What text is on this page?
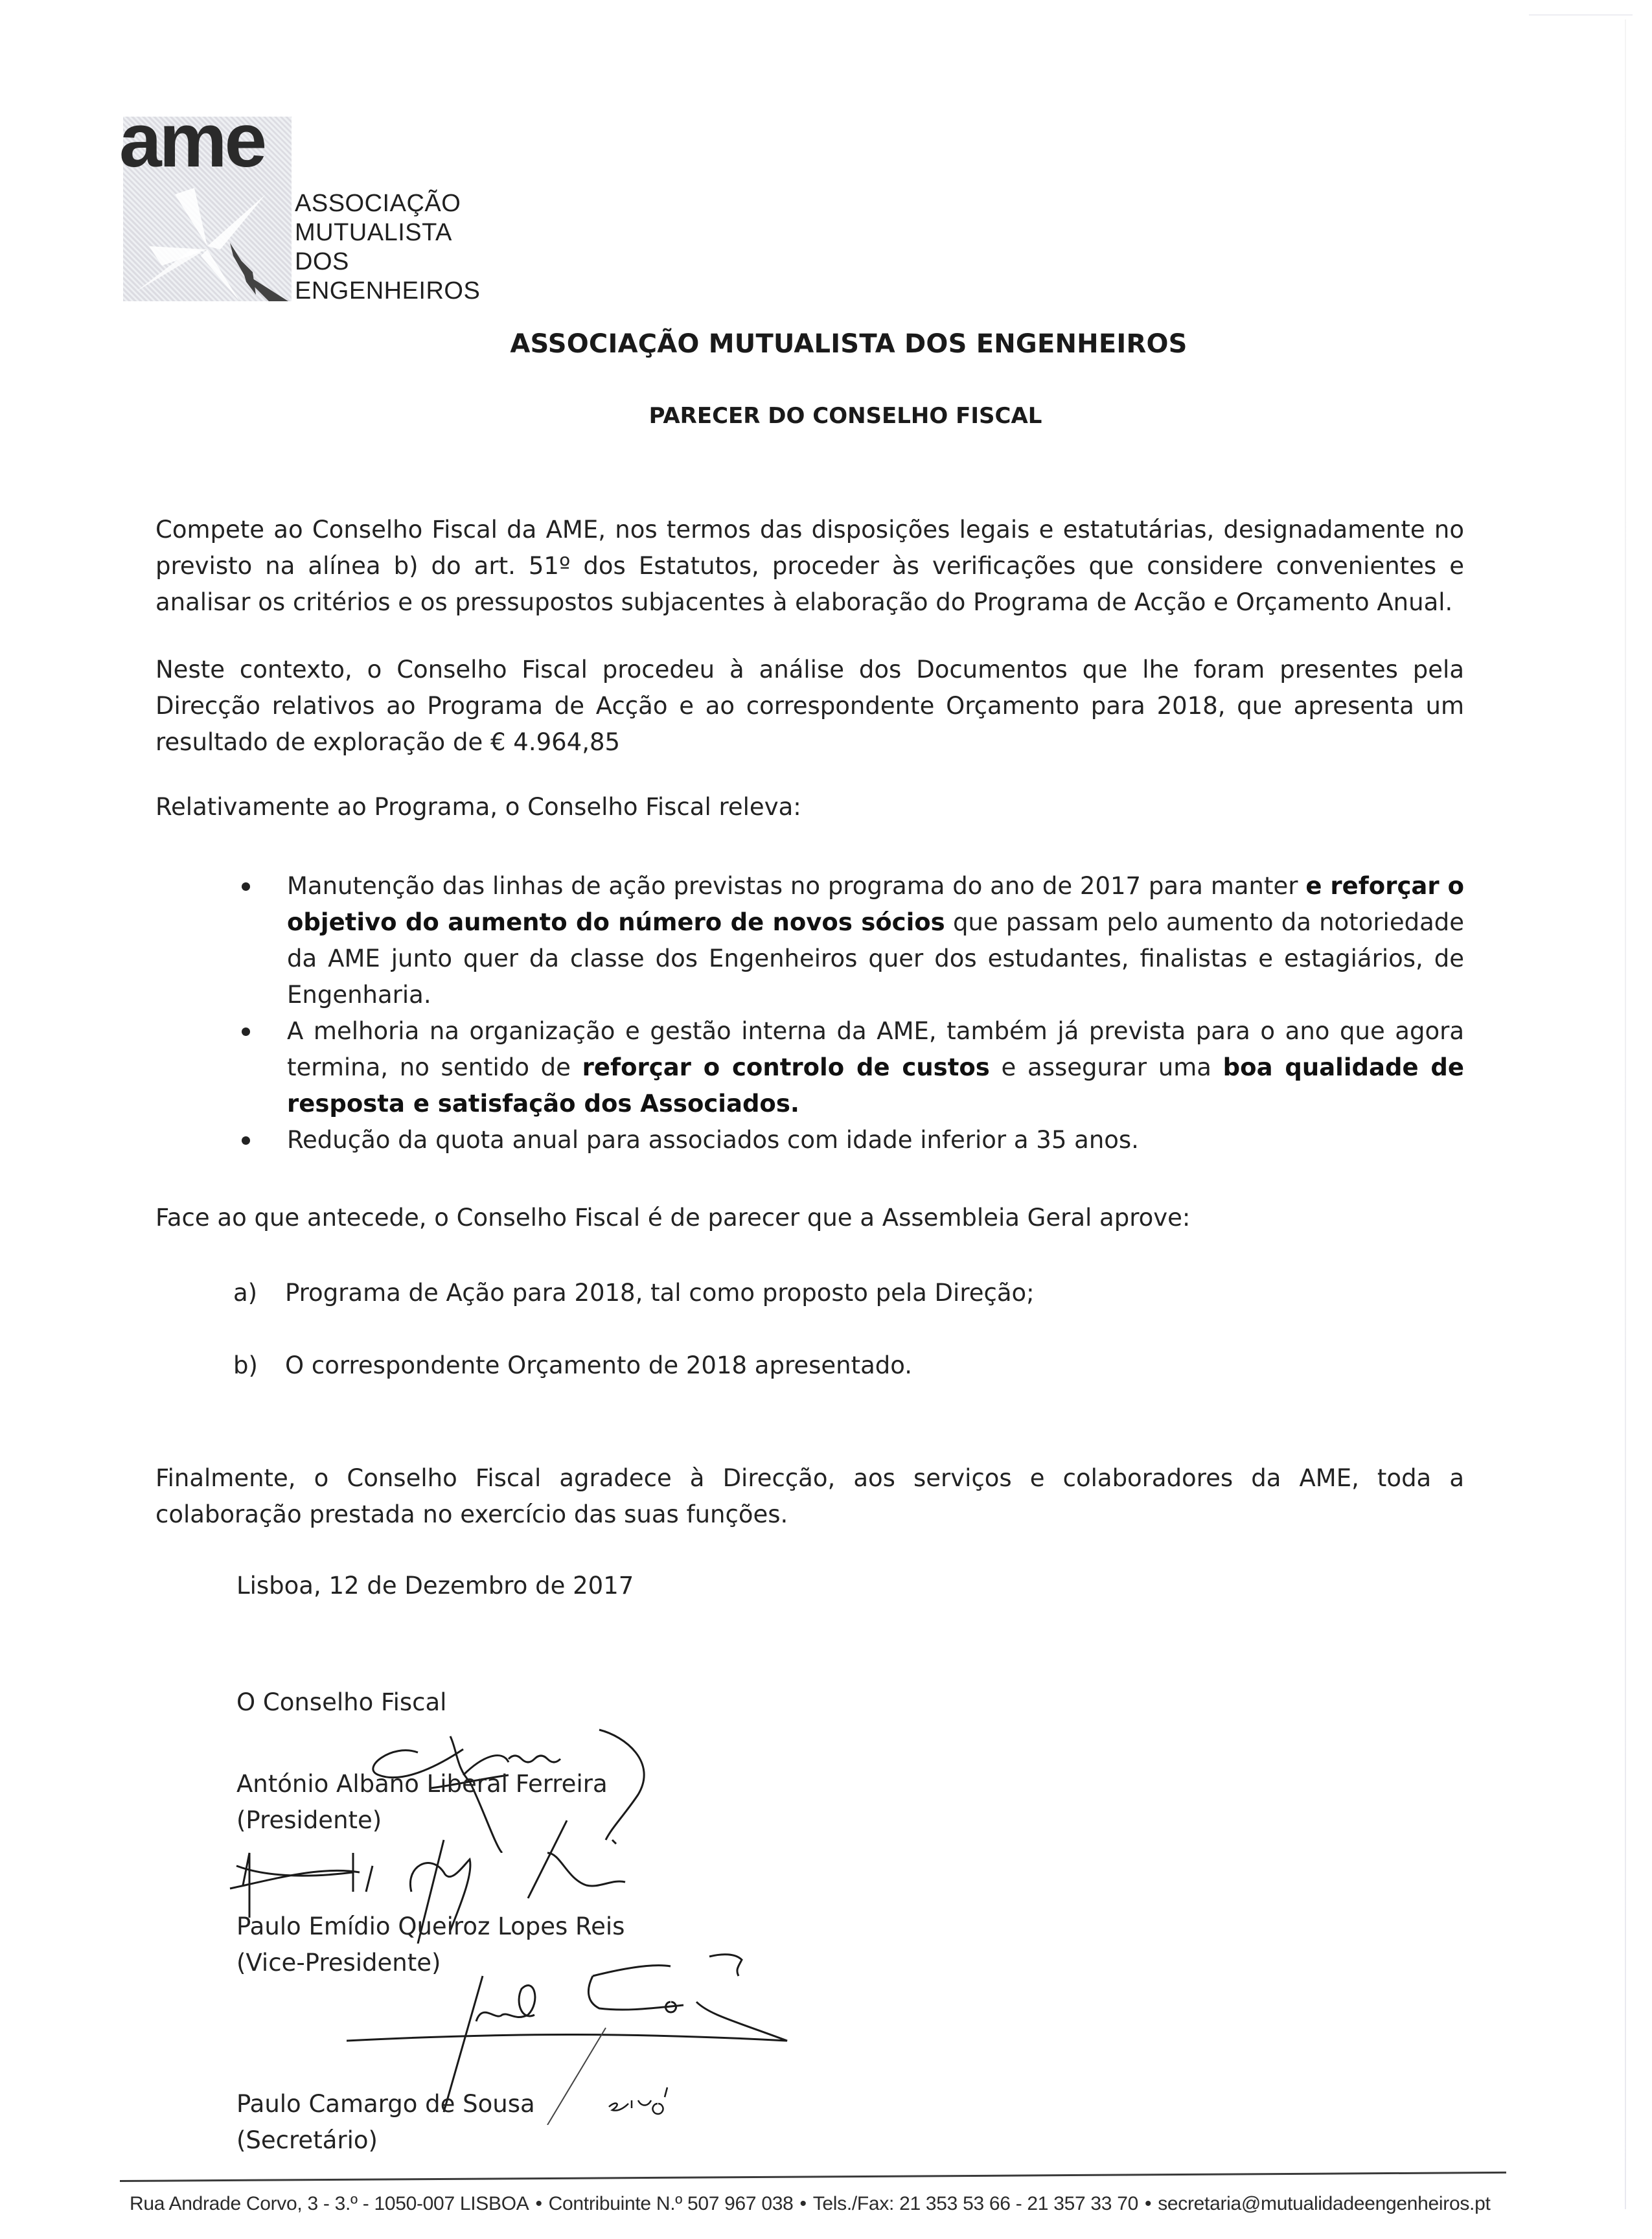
ame
ASSOCIAÇÃO
MUTUALISTA
DOS
ENGENHEIROS
ASSOCIAÇÃO MUTUALISTA DOS ENGENHEIROS
PARECER DO CONSELHO FISCAL
Compete ao Conselho Fiscal da AME, nos termos das disposições legais e estatutárias, designadamente no previsto na alínea b) do art. 51º dos Estatutos, proceder às verificações que considere convenientes e analisar os critérios e os pressupostos subjacentes à elaboração do Programa de Acção e Orçamento Anual.
Neste contexto, o Conselho Fiscal procedeu à análise dos Documentos que lhe foram presentes pela Direcção relativos ao Programa de Acção e ao correspondente Orçamento para 2018, que apresenta um resultado de exploração de € 4.964,85
Relativamente ao Programa, o Conselho Fiscal releva:
Manutenção das linhas de ação previstas no programa do ano de 2017 para manter e reforçar o objetivo do aumento do número de novos sócios que passam pelo aumento da notoriedade da AME junto quer da classe dos Engenheiros quer dos estudantes, finalistas e estagiários, de Engenharia.
A melhoria na organização e gestão interna da AME, também já prevista para o ano que agora termina, no sentido de reforçar o controlo de custos e assegurar uma boa qualidade de resposta e satisfação dos Associados.
Redução da quota anual para associados com idade inferior a 35 anos.
Face ao que antecede, o Conselho Fiscal é de parecer que a Assembleia Geral aprove:
a) Programa de Ação para 2018, tal como proposto pela Direção;
b) O correspondente Orçamento de 2018 apresentado.
Finalmente, o Conselho Fiscal agradece à Direcção, aos serviços e colaboradores da AME, toda a colaboração prestada no exercício das suas funções.
Lisboa, 12 de Dezembro de 2017
O Conselho Fiscal
António Albano Liberal Ferreira
(Presidente)
Paulo Emídio Queiroz Lopes Reis
(Vice-Presidente)
Paulo Camargo de Sousa
(Secretário)
Rua Andrade Corvo, 3 - 3.º - 1050-007 LISBOA • Contribuinte N.º 507 967 038 • Tels./Fax: 21 353 53 66 - 21 357 33 70 • secretaria@mutualidadeengenheiros.pt
